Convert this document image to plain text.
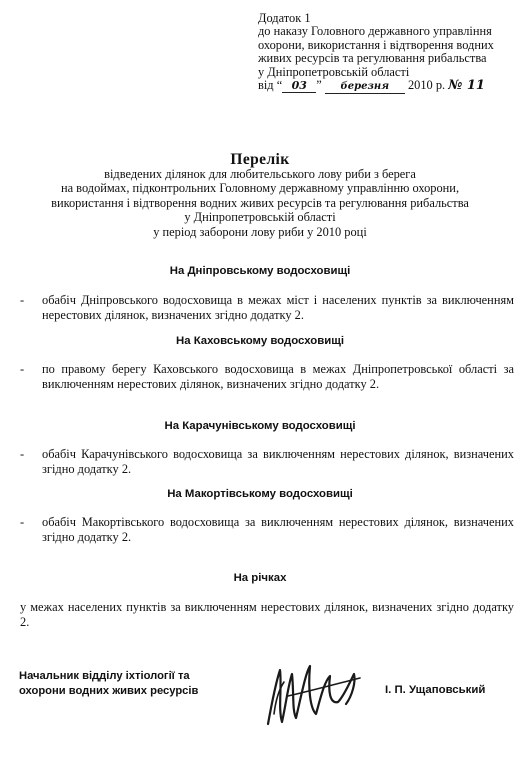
Додаток 1
до наказу Головного державного управління
охорони, використання і відтворення водних
живих ресурсів та регулювання рибальства
у Дніпропетровській області
від “ 03 ” березня 2010 р. № 11
Перелік
відведених ділянок для любительського лову риби з берега
на водоймах, підконтрольних Головному державному управлінню охорони,
використання і відтворення водних живих ресурсів та регулювання рибальства
у Дніпропетровській області
у період заборони лову риби у 2010 році
На Дніпровському водосховищі
- обабіч Дніпровського водосховища в межах міст і населених пунктів за виключенням нерестових ділянок, визначених згідно додатку 2.
На Каховському водосховищі
- по правому берегу Каховського водосховища в межах Дніпропетровської області за виключенням нерестових ділянок, визначених згідно додатку 2.
На Карачунівському водосховищі
- обабіч Карачунівського водосховища за виключенням нерестових ділянок, визначених згідно додатку 2.
На Макортівському водосховищі
- обабіч Макортівського водосховища за виключенням нерестових ділянок, визначених згідно додатку 2.
На річках
у межах населених пунктів за виключенням нерестових ділянок, визначених згідно додатку 2.
Начальник відділу іхтіології та
охорони водних живих ресурсів	І. П. Ущаповський
